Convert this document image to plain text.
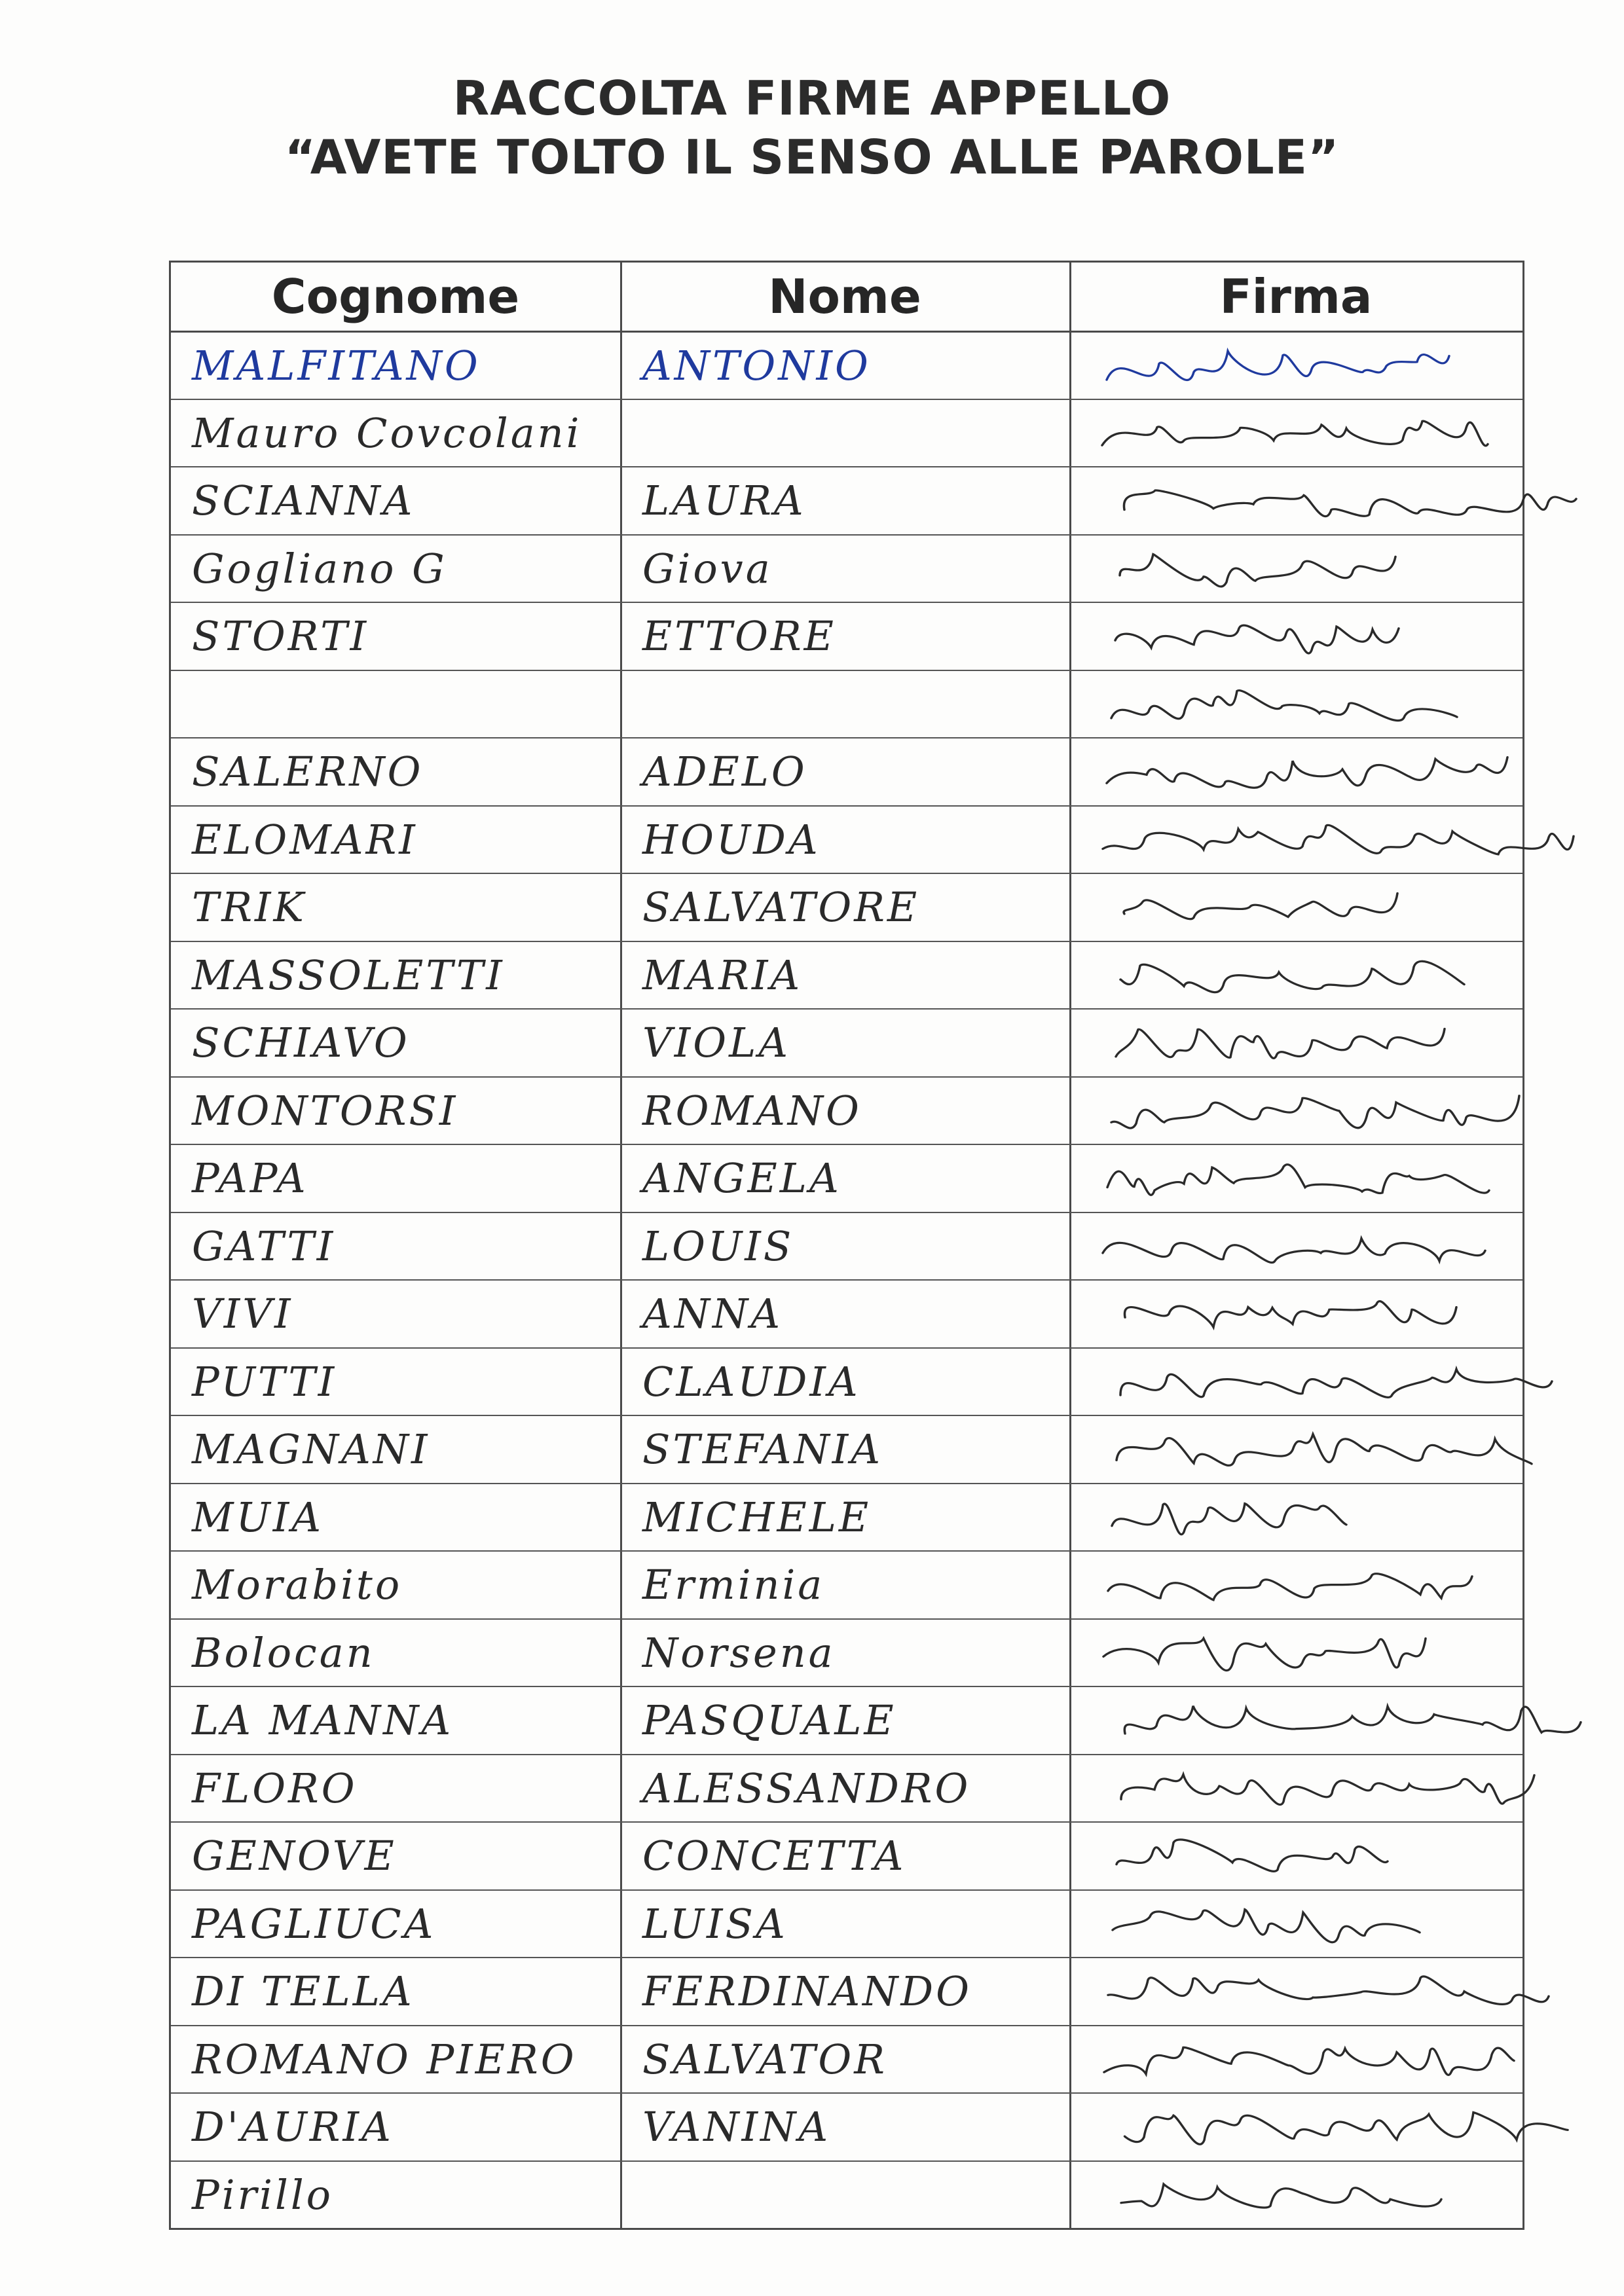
RACCOLTA FIRME APPELLO
“AVETE TOLTO IL SENSO ALLE PAROLE”
Cognome	Nome	Firma
MALFITANO	ANTONIO
Mauro Covcolani
SCIANNA	LAURA
Gogliano G	Giova
STORTI	ETTORE
SALERNO	ADELO
ELOMARI	HOUDA
TRIK	SALVATORE
MASSOLETTI	MARIA
SCHIAVO	VIOLA
MONTORSI	ROMANO
PAPA	ANGELA
GATTI	LOUIS
VIVI	ANNA
PUTTI	CLAUDIA
MAGNANI	STEFANIA
MUIA	MICHELE
Morabito	Erminia
Bolocan	Norsena
LA MANNA	PASQUALE
FLORO	ALESSANDRO
GENOVE	CONCETTA
PAGLIUCA	LUISA
DI TELLA	FERDINANDO
ROMANO PIERO	SALVATOR
D'AURIA	VANINA
Pirillo
